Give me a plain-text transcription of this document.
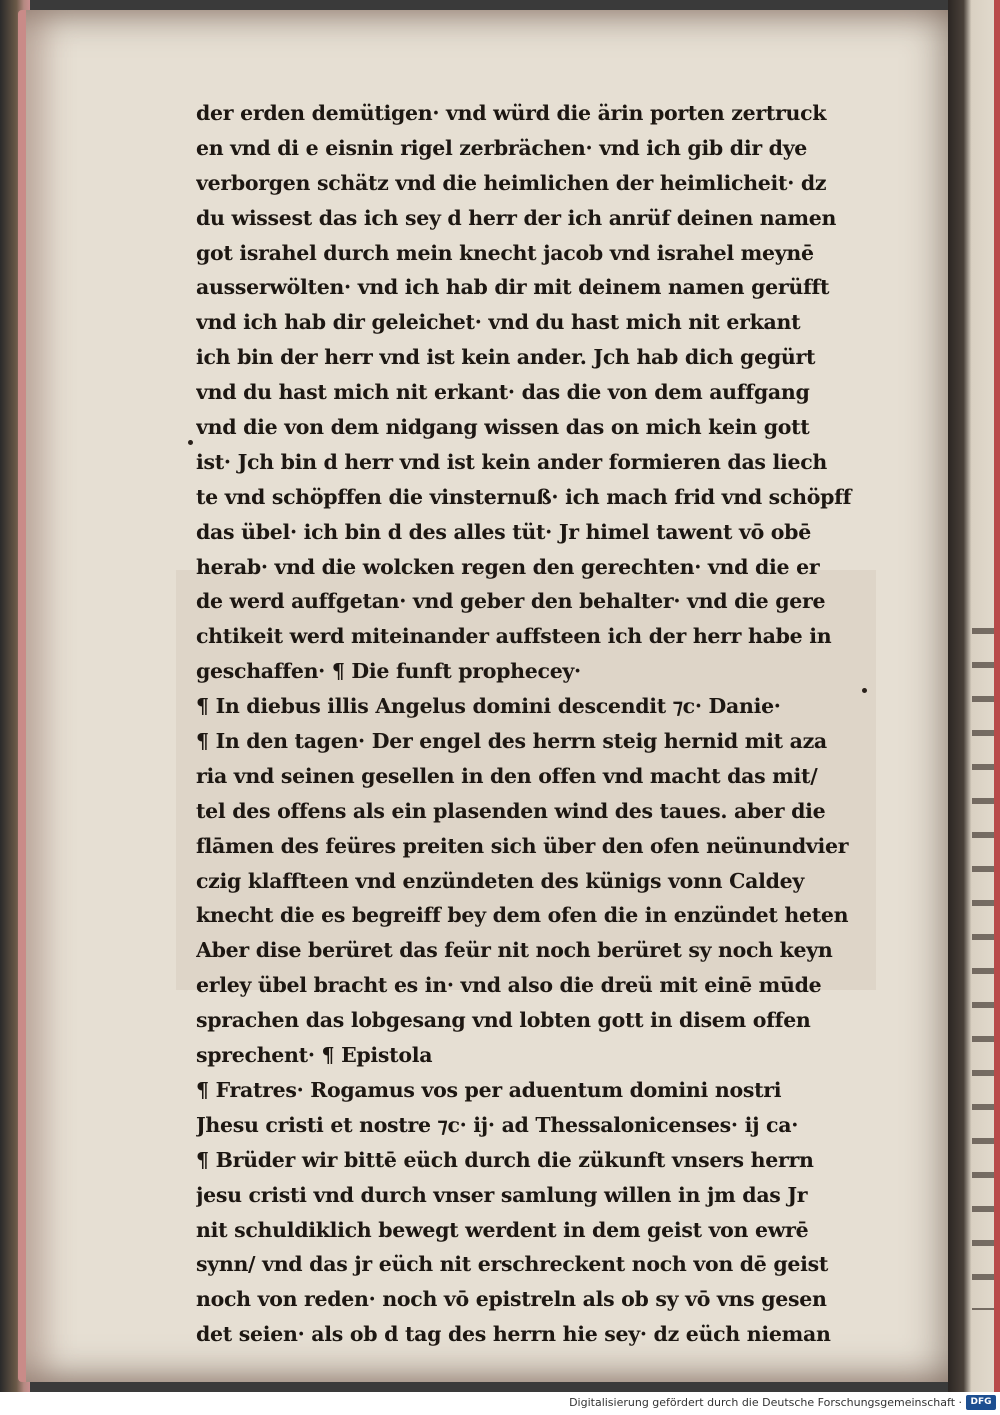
der erden demütigen· vnd würd die ärin porten zertruck
en vnd di e eisnin rigel zerbrächen· vnd ich gib dir dye
verborgen schätz vnd die heimlichen der heimlicheit· dz
du wissest das ich sey d herr der ich anrüf deinen namen
got israhel durch mein knecht jacob vnd israhel meynē
ausserwölten· vnd ich hab dir mit deinem namen gerüfft
vnd ich hab dir geleichet· vnd du hast mich nit erkant
ich bin der herr vnd ist kein ander. Jch hab dich gegürt
vnd du hast mich nit erkant· das die von dem auffgang
vnd die von dem nidgang wissen das on mich kein gott
ist· Jch bin d herr vnd ist kein ander formieren das liech
te vnd schöpffen die vinsternuß· ich mach frid vnd schöpff
das übel· ich bin d des alles tüt· Jr himel tawent vō obē
herab· vnd die wolcken regen den gerechten· vnd die er
de werd auffgetan· vnd geber den behalter· vnd die gere
chtikeit werd miteinander auffsteen ich der herr habe in
geschaffen· ¶ Die funft prophecey·
¶ In diebus illis Angelus domini descendit ⁊c· Danie·
¶ In den tagen· Der engel des herrn steig hernid mit aza
ria vnd seinen gesellen in den offen vnd macht das mit/
tel des offens als ein plasenden wind des taues. aber die
flāmen des feüres preiten sich über den ofen neünundvier
czig klaffteen vnd enzündeten des künigs vonn Caldey
knecht die es begreiff bey dem ofen die in enzündet heten
Aber dise berüret das feür nit noch berüret sy noch keyn
erley übel bracht es in· vnd also die dreü mit einē mūde
sprachen das lobgesang vnd lobten gott in disem offen
sprechent· ¶ Epistola
¶ Fratres· Rogamus vos per aduentum domini nostri
Jhesu cristi et nostre ⁊c· ij· ad Thessalonicenses· ij ca·
¶ Brüder wir bittē eüch durch die zükunft vnsers herrn
jesu cristi vnd durch vnser samlung willen in jm das Jr
nit schuldiklich bewegt werdent in dem geist von ewrē
synn/ vnd das jr eüch nit erschreckent noch von dē geist
noch von reden· noch vō epistreln als ob sy vō vns gesen
det seien· als ob d tag des herrn hie sey· dz eüch nieman
Digitalisierung gefördert durch die Deutsche Forschungsgemeinschaft · DFG
